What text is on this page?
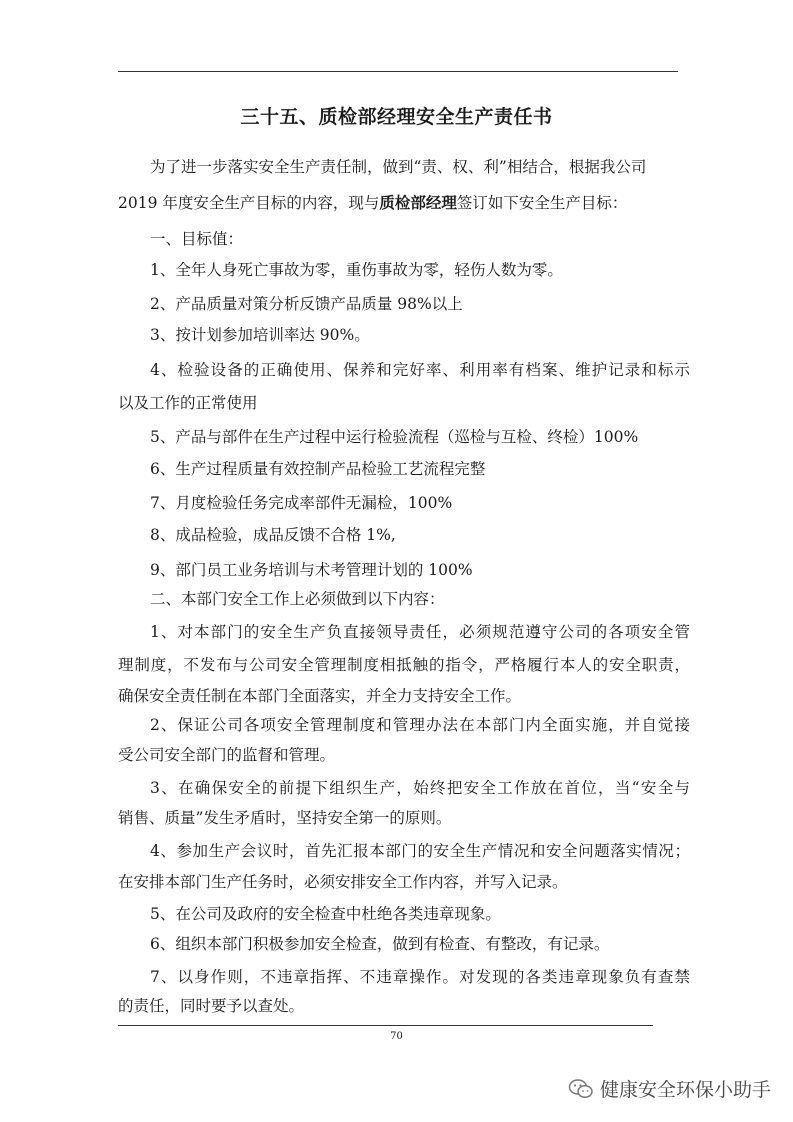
三十五、质检部经理安全生产责任书
为了进一步落实安全生产责任制，做到“责、权、利”相结合，根据我公司
2019 年度安全生产目标的内容，现与质检部经理签订如下安全生产目标：
一、目标值：
1、全年人身死亡事故为零，重伤事故为零，轻伤人数为零。
2、产品质量对策分析反馈产品质量 98%以上
3、按计划参加培训率达 90%。
4、检验设备的正确使用、保养和完好率、利用率有档案、维护记录和标示
以及工作的正常使用
5、产品与部件在生产过程中运行检验流程（巡检与互检、终检）100%
6、生产过程质量有效控制产品检验工艺流程完整
7、月度检验任务完成率部件无漏检，100%
8、成品检验，成品反馈不合格 1%,
9、部门员工业务培训与术考管理计划的 100%
二、本部门安全工作上必须做到以下内容：
1、对本部门的安全生产负直接领导责任，必须规范遵守公司的各项安全管
理制度，不发布与公司安全管理制度相抵触的指令，严格履行本人的安全职责，
确保安全责任制在本部门全面落实，并全力支持安全工作。
2、保证公司各项安全管理制度和管理办法在本部门内全面实施，并自觉接
受公司安全部门的监督和管理。
3、在确保安全的前提下组织生产，始终把安全工作放在首位，当“安全与
销售、质量”发生矛盾时，坚持安全第一的原则。
4、参加生产会议时，首先汇报本部门的安全生产情况和安全问题落实情况；
在安排本部门生产任务时，必须安排安全工作内容，并写入记录。
5、在公司及政府的安全检查中杜绝各类违章现象。
6、组织本部门积极参加安全检查，做到有检查、有整改，有记录。
7、以身作则，不违章指挥、不违章操作。对发现的各类违章现象负有查禁
的责任，同时要予以查处。
70
健康安全环保小助手
